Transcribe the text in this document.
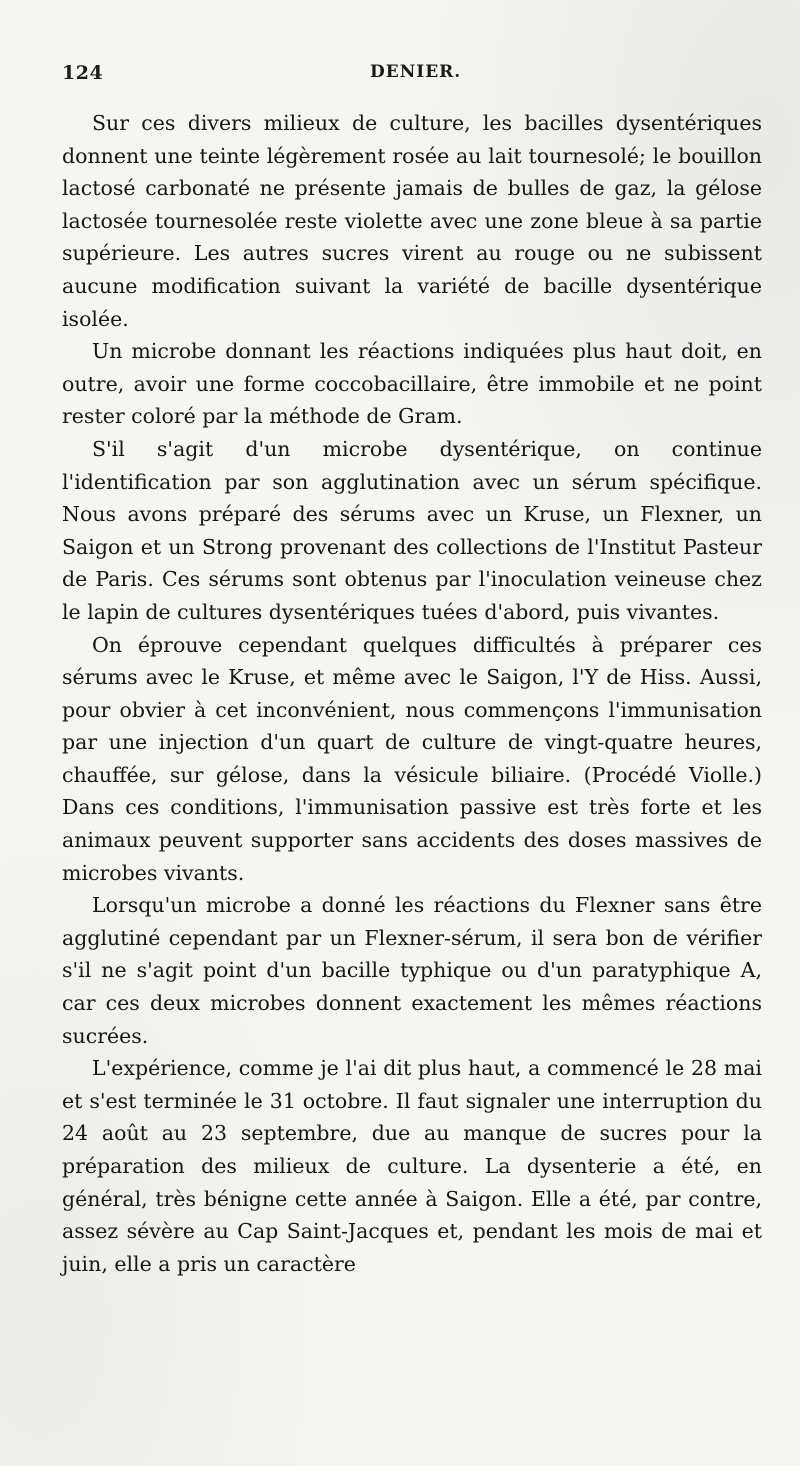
124	DENIER.

Sur ces divers milieux de culture, les bacilles dysentériques donnent une teinte légèrement rosée au lait tournesolé; le bouillon lactosé carbonaté ne présente jamais de bulles de gaz, la gélose lactosée tournesolée reste violette avec une zone bleue à sa partie supérieure. Les autres sucres virent au rouge ou ne subissent aucune modification suivant la variété de bacille dysentérique isolée.

Un microbe donnant les réactions indiquées plus haut doit, en outre, avoir une forme coccobacillaire, être immobile et ne point rester coloré par la méthode de Gram.

S'il s'agit d'un microbe dysentérique, on continue l'identification par son agglutination avec un sérum spécifique. Nous avons préparé des sérums avec un Kruse, un Flexner, un Saigon et un Strong provenant des collections de l'Institut Pasteur de Paris. Ces sérums sont obtenus par l'inoculation veineuse chez le lapin de cultures dysentériques tuées d'abord, puis vivantes.

On éprouve cependant quelques difficultés à préparer ces sérums avec le Kruse, et même avec le Saigon, l'Y de Hiss. Aussi, pour obvier à cet inconvénient, nous commençons l'immunisation par une injection d'un quart de culture de vingt-quatre heures, chauffée, sur gélose, dans la vésicule biliaire. (Procédé Violle.) Dans ces conditions, l'immunisation passive est très forte et les animaux peuvent supporter sans accidents des doses massives de microbes vivants.

Lorsqu'un microbe a donné les réactions du Flexner sans être agglutiné cependant par un Flexner-sérum, il sera bon de vérifier s'il ne s'agit point d'un bacille typhique ou d'un paratyphique A, car ces deux microbes donnent exactement les mêmes réactions sucrées.

L'expérience, comme je l'ai dit plus haut, a commencé le 28 mai et s'est terminée le 31 octobre. Il faut signaler une interruption du 24 août au 23 septembre, due au manque de sucres pour la préparation des milieux de culture. La dysenterie a été, en général, très bénigne cette année à Saigon. Elle a été, par contre, assez sévère au Cap Saint-Jacques et, pendant les mois de mai et juin, elle a pris un caractère
